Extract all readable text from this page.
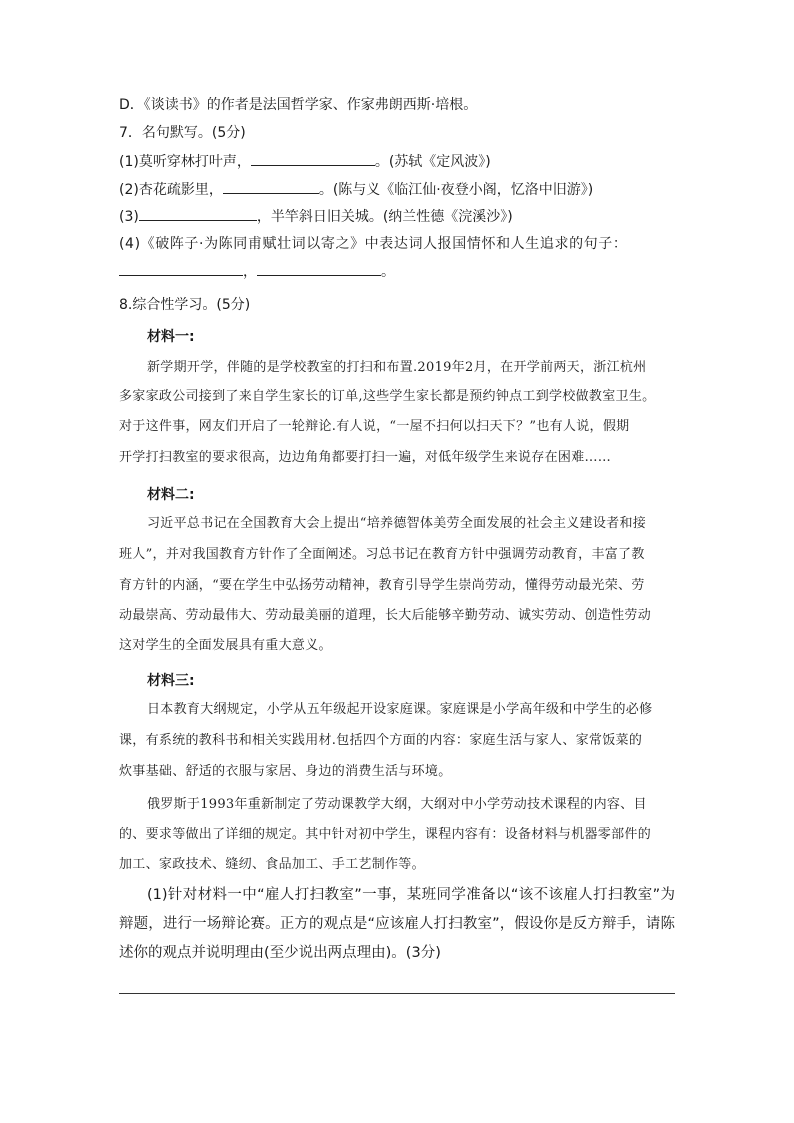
D．《谈读书》的作者是法国哲学家、作家弗朗西斯·培根。
7．名句默写。(5分)
(1)莫听穿林打叶声，	。(苏轼《定风波》)
(2)杏花疏影里，	。(陈与义《临江仙·夜登小阁，忆洛中旧游》)
(3)	，半竿斜日旧关城。(纳兰性德《浣溪沙》)
(4)《破阵子·为陈同甫赋壮词以寄之》中表达词人报国情怀和人生追求的句子：
，	。
8.综合性学习。(5分)
材料一:
新学期开学，伴随的是学校教室的打扫和布置.2019年2月，在开学前两天，浙江杭州
多家家政公司接到了来自学生家长的订单,这些学生家长都是预约钟点工到学校做教室卫生。
对于这件事，网友们开启了一轮辩论.有人说，“一屋不扫何以扫天下？”也有人说，假期
开学打扫教室的要求很高，边边角角都要打扫一遍，对低年级学生来说存在困难……
材料二:
习近平总书记在全国教育大会上提出“培养德智体美劳全面发展的社会主义建设者和接
班人”，并对我国教育方针作了全面阐述。习总书记在教育方针中强调劳动教育，丰富了教
育方针的内涵，“要在学生中弘扬劳动精神，教育引导学生崇尚劳动，懂得劳动最光荣、劳
动最崇高、劳动最伟大、劳动最美丽的道理，长大后能够辛勤劳动、诚实劳动、创造性劳动
这对学生的全面发展具有重大意义。
材料三:
日本教育大纲规定，小学从五年级起开设家庭课。家庭课是小学高年级和中学生的必修
课，有系统的教科书和相关实践用材.包括四个方面的内容：家庭生活与家人、家常饭菜的
炊事基础、舒适的衣服与家居、身边的消费生活与环境。
俄罗斯于1993年重新制定了劳动课教学大纲，大纲对中小学劳动技术课程的内容、目
的、要求等做出了详细的规定。其中针对初中学生，课程内容有：设备材料与机器零部件的
加工、家政技术、缝纫、食品加工、手工艺制作等。
(1)针对材料一中“雇人打扫教室”一事，某班同学准备以“该不该雇人打扫教室”为辩题，进行一场辩论赛。正方的观点是“应该雇人打扫教室”，假设你是反方辩手，请陈述你的观点并说明理由(至少说出两点理由)。(3分)
